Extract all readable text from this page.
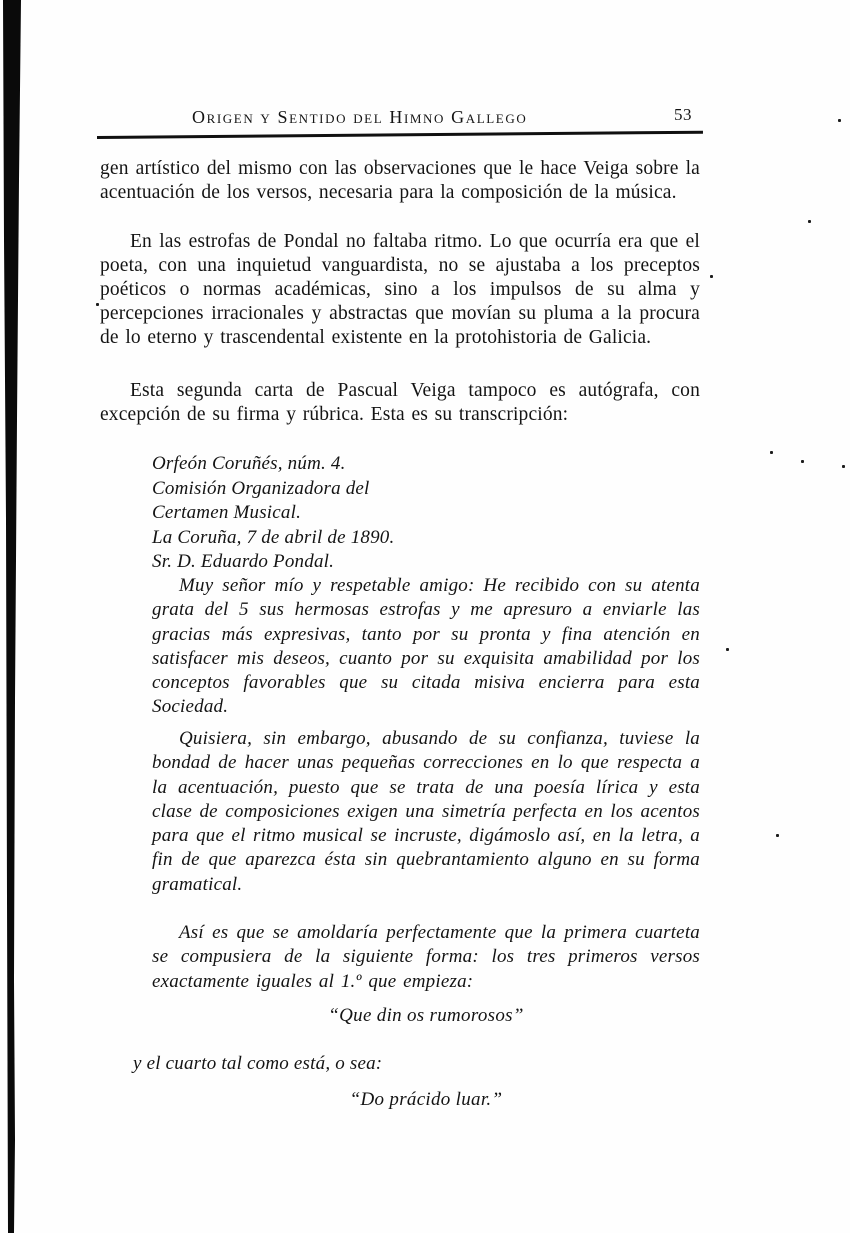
Origen y Sentido del Himno Gallego	53

gen artístico del mismo con las observaciones que le hace Veiga sobre la acentuación de los versos, necesaria para la composición de la música.

En las estrofas de Pondal no faltaba ritmo. Lo que ocurría era que el poeta, con una inquietud vanguardista, no se ajustaba a los preceptos poéticos o normas académicas, sino a los impulsos de su alma y percepciones irracionales y abstractas que movían su pluma a la procura de lo eterno y trascendental existente en la protohistoria de Galicia.

Esta segunda carta de Pascual Veiga tampoco es autógrafa, con excepción de su firma y rúbrica. Esta es su transcripción:

Orfeón Coruñés, núm. 4.

Comisión Organizadora del

Certamen Musical.

La Coruña, 7 de abril de 1890.

Sr. D. Eduardo Pondal.

Muy señor mío y respetable amigo: He recibido con su atenta grata del 5 sus hermosas estrofas y me apresuro a enviarle las gracias más expresivas, tanto por su pronta y fina atención en satisfacer mis deseos, cuanto por su exquisita amabilidad por los conceptos favorables que su citada misiva encierra para esta Sociedad.

Quisiera, sin embargo, abusando de su confianza, tuviese la bondad de hacer unas pequeñas correcciones en lo que respecta a la acentuación, puesto que se trata de una poesía lírica y esta clase de composiciones exigen una simetría perfecta en los acentos para que el ritmo musical se incruste, digámoslo así, en la letra, a fin de que aparezca ésta sin quebrantamiento alguno en su forma gramatical.

Así es que se amoldaría perfectamente que la primera cuarteta se compusiera de la siguiente forma: los tres primeros versos exactamente iguales al 1.º que empieza:

“Que din os rumorosos”

y el cuarto tal como está, o sea:

“Do prácido luar.”
